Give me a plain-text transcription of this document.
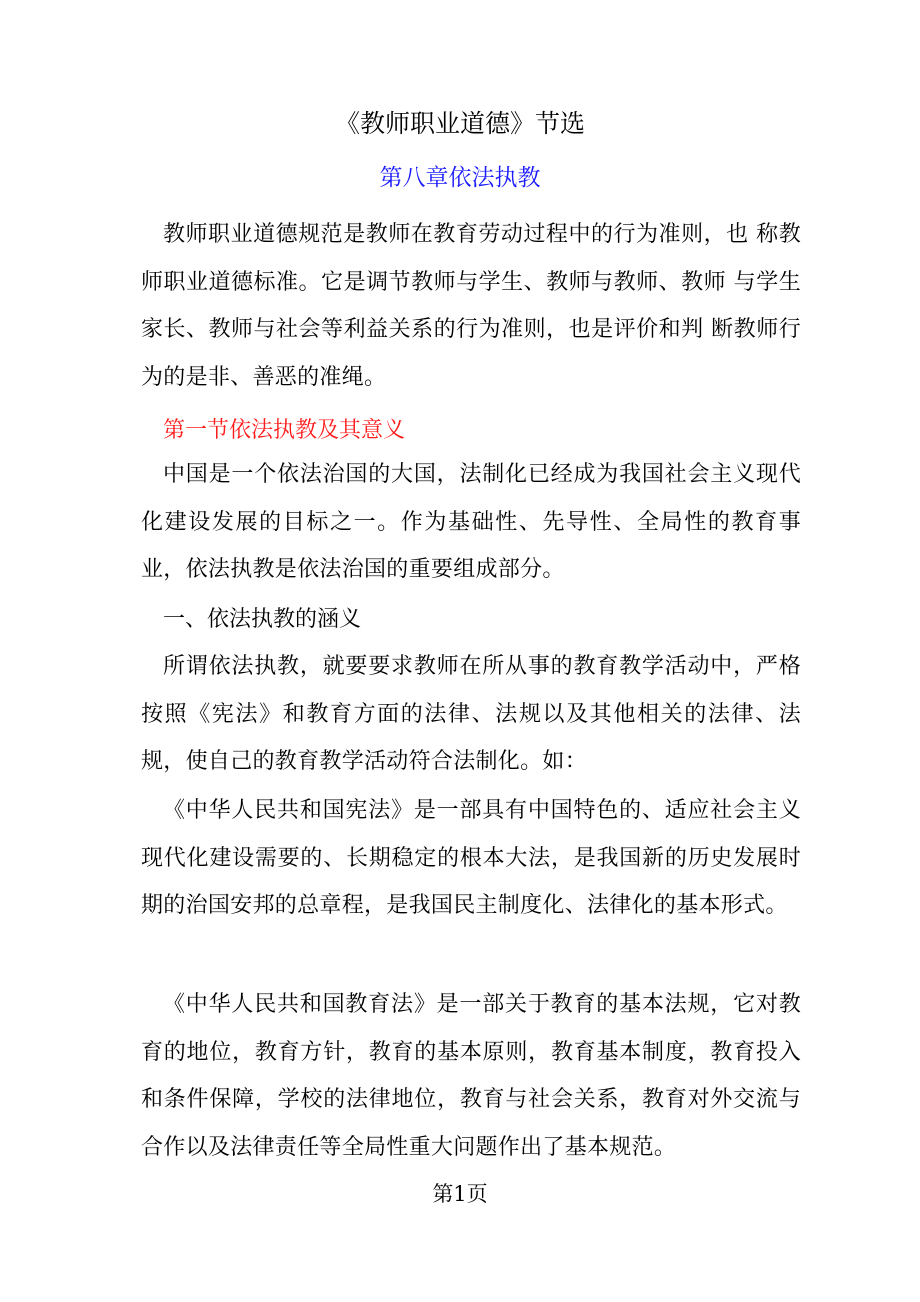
《教师职业道德》节选
第八章依法执教

教师职业道德规范是教师在教育劳动过程中的行为准则，也 称教师职业道德标准。它是调节教师与学生、教师与教师、教师 与学生家长、教师与社会等利益关系的行为准则，也是评价和判 断教师行为的是非、善恶的准绳。

第一节依法执教及其意义

中国是一个依法治国的大国，法制化已经成为我国社会主义现代化建设发展的目标之一。作为基础性、先导性、全局性的教育事业，依法执教是依法治国的重要组成部分。

一、依法执教的涵义

所谓依法执教，就要要求教师在所从事的教育教学活动中，严格按照《宪法》和教育方面的法律、法规以及其他相关的法律、法规，使自己的教育教学活动符合法制化。如：

《中华人民共和国宪法》是一部具有中国特色的、适应社会主义现代化建设需要的、长期稳定的根本大法，是我国新的历史发展时期的治国安邦的总章程，是我国民主制度化、法律化的基本形式。

《中华人民共和国教育法》是一部关于教育的基本法规，它对教育的地位，教育方针，教育的基本原则，教育基本制度，教育投入和条件保障，学校的法律地位，教育与社会关系，教育对外交流与合作以及法律责任等全局性重大问题作出了基本规范。

第1页
